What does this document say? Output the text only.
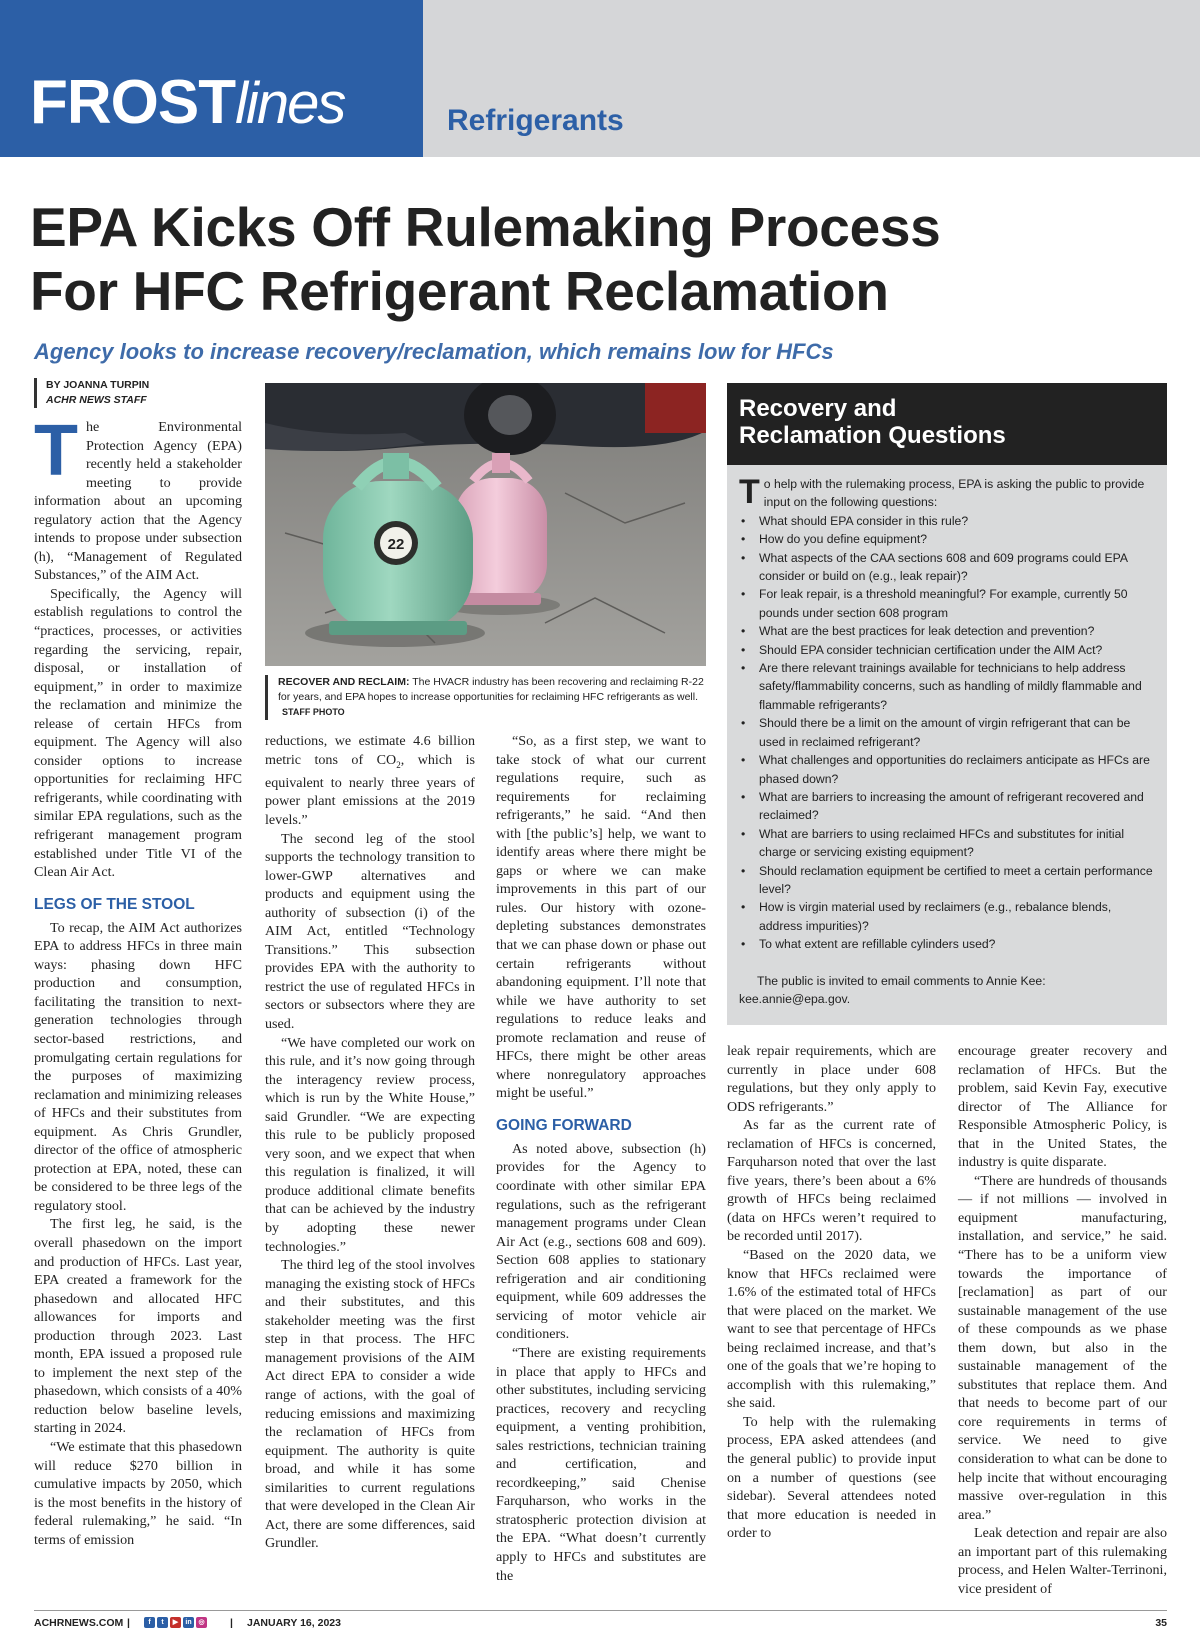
FROSTlines	Refrigerants
EPA Kicks Off Rulemaking Process
For HFC Refrigerant Reclamation
Agency looks to increase recovery/reclamation, which remains low for HFCs
BY JOANNA TURPIN
ACHR NEWS STAFF

The Environmental Protection Agency (EPA) recently held a stakeholder meeting to provide information about an upcoming regulatory action that the Agency intends to propose under subsection (h), “Management of Regulated Substances,” of the AIM Act.

Specifically, the Agency will establish regulations to control the “practices, processes, or activities regarding the servicing, repair, disposal, or installation of equipment,” in order to maximize the reclamation and minimize the release of certain HFCs from equipment. The Agency will also consider options to increase opportunities for reclaiming HFC refrigerants, while coordinating with similar EPA regulations, such as the refrigerant management program established under Title VI of the Clean Air Act.

LEGS OF THE STOOL

To recap, the AIM Act authorizes EPA to address HFCs in three main ways: phasing down HFC production and consumption, facilitating the transition to next-generation technologies through sector-based restrictions, and promulgating certain regulations for the purposes of maximizing reclamation and minimizing releases of HFCs and their substitutes from equipment. As Chris Grundler, director of the office of atmospheric protection at EPA, noted, these can be considered to be three legs of the regulatory stool.

The first leg, he said, is the overall phasedown on the import and production of HFCs. Last year, EPA created a framework for the phasedown and allocated HFC allowances for imports and production through 2023. Last month, EPA issued a proposed rule to implement the next step of the phasedown, which consists of a 40% reduction below baseline levels, starting in 2024.

“We estimate that this phasedown will reduce $270 billion in cumulative impacts by 2050, which is the most benefits in the history of federal rulemaking,” he said. “In terms of emission

22
RECOVER AND RECLAIM: The HVACR industry has been recovering and reclaiming R-22 for years, and EPA hopes to increase opportunities for reclaiming HFC refrigerants as well. STAFF PHOTO

reductions, we estimate 4.6 billion metric tons of $CO_2$, which is equivalent to nearly three years of power plant emissions at the 2019 levels.”

The second leg of the stool supports the technology transition to lower-GWP alternatives and products and equipment using the authority of subsection (i) of the AIM Act, entitled “Technology Transitions.” This subsection provides EPA with the authority to restrict the use of regulated HFCs in sectors or subsectors where they are used.

“We have completed our work on this rule, and it’s now going through the interagency review process, which is run by the White House,” said Grundler. “We are expecting this rule to be publicly proposed very soon, and we expect that when this regulation is finalized, it will produce additional climate benefits that can be achieved by the industry by adopting these newer technologies.”

The third leg of the stool involves managing the existing stock of HFCs and their substitutes, and this stakeholder meeting was the first step in that process. The HFC management provisions of the AIM Act direct EPA to consider a wide range of actions, with the goal of reducing emissions and maximizing the reclamation of HFCs from equipment. The authority is quite broad, and while it has some similarities to current regulations that were developed in the Clean Air Act, there are some differences, said Grundler.

“So, as a first step, we want to take stock of what our current regulations require, such as requirements for reclaiming refrigerants,” he said. “And then with [the public’s] help, we want to identify areas where there might be gaps or where we can make improvements in this part of our rules. Our history with ozone-depleting substances demonstrates that we can phase down or phase out certain refrigerants without abandoning equipment. I’ll note that while we have authority to set regulations to reduce leaks and promote reclamation and reuse of HFCs, there might be other areas where nonregulatory approaches might be useful.”

GOING FORWARD

As noted above, subsection (h) provides for the Agency to coordinate with other similar EPA regulations, such as the refrigerant management programs under Clean Air Act (e.g., sections 608 and 609). Section 608 applies to stationary refrigeration and air conditioning equipment, while 609 addresses the servicing of motor vehicle air conditioners.

“There are existing requirements in place that apply to HFCs and other substitutes, including servicing practices, recovery and recycling equipment, a venting prohibition, sales restrictions, technician training and certification, and recordkeeping,” said Chenise Farquharson, who works in the stratospheric protection division at the EPA. “What doesn’t currently apply to HFCs and substitutes are the

Recovery and
Reclamation Questions

To help with the rulemaking process, EPA is asking the public to provide input on the following questions:

• What should EPA consider in this rule?
• How do you define equipment?
• What aspects of the CAA sections 608 and 609 programs could EPA consider or build on (e.g., leak repair)?
• For leak repair, is a threshold meaningful? For example, currently 50 pounds under section 608 program
• What are the best practices for leak detection and prevention?
• Should EPA consider technician certification under the AIM Act?
• Are there relevant trainings available for technicians to help address safety/flammability concerns, such as handling of mildly flammable and flammable refrigerants?
• Should there be a limit on the amount of virgin refrigerant that can be used in reclaimed refrigerant?
• What challenges and opportunities do reclaimers anticipate as HFCs are phased down?
• What are barriers to increasing the amount of refrigerant recovered and reclaimed?
• What are barriers to using reclaimed HFCs and substitutes for initial charge or servicing existing equipment?
• Should reclamation equipment be certified to meet a certain performance level?
• How is virgin material used by reclaimers (e.g., rebalance blends, address impurities)?
• To what extent are refillable cylinders used?
The public is invited to email comments to Annie Kee:
kee.annie@epa.gov.

leak repair requirements, which are currently in place under 608 regulations, but they only apply to ODS refrigerants.”

As far as the current rate of reclamation of HFCs is concerned, Farquharson noted that over the last five years, there’s been about a 6% growth of HFCs being reclaimed (data on HFCs weren’t required to be recorded until 2017).

“Based on the 2020 data, we know that HFCs reclaimed were 1.6% of the estimated total of HFCs that were placed on the market. We want to see that percentage of HFCs being reclaimed increase, and that’s one of the goals that we’re hoping to accomplish with this rulemaking,” she said.

To help with the rulemaking process, EPA asked attendees (and the general public) to provide input on a number of questions (see sidebar). Several attendees noted that more education is needed in order to

encourage greater recovery and reclamation of HFCs. But the problem, said Kevin Fay, executive director of The Alliance for Responsible Atmospheric Policy, is that in the United States, the industry is quite disparate.

“There are hundreds of thousands — if not millions — involved in equipment manufacturing, installation, and service,” he said. “There has to be a uniform view towards the importance of [reclamation] as part of our sustainable management of the use of these compounds as we phase them down, but also in the sustainable management of the substitutes that replace them. And that needs to become part of our core requirements in terms of service. We need to give consideration to what can be done to help incite that without encouraging massive over-regulation in this area.”

Leak detection and repair are also an important part of this rulemaking process, and Helen Walter-Terrinoni, vice president of

ACHRNEWS.COM |	f	t	▶	in ◎ | JANUARY 16, 2023	35
